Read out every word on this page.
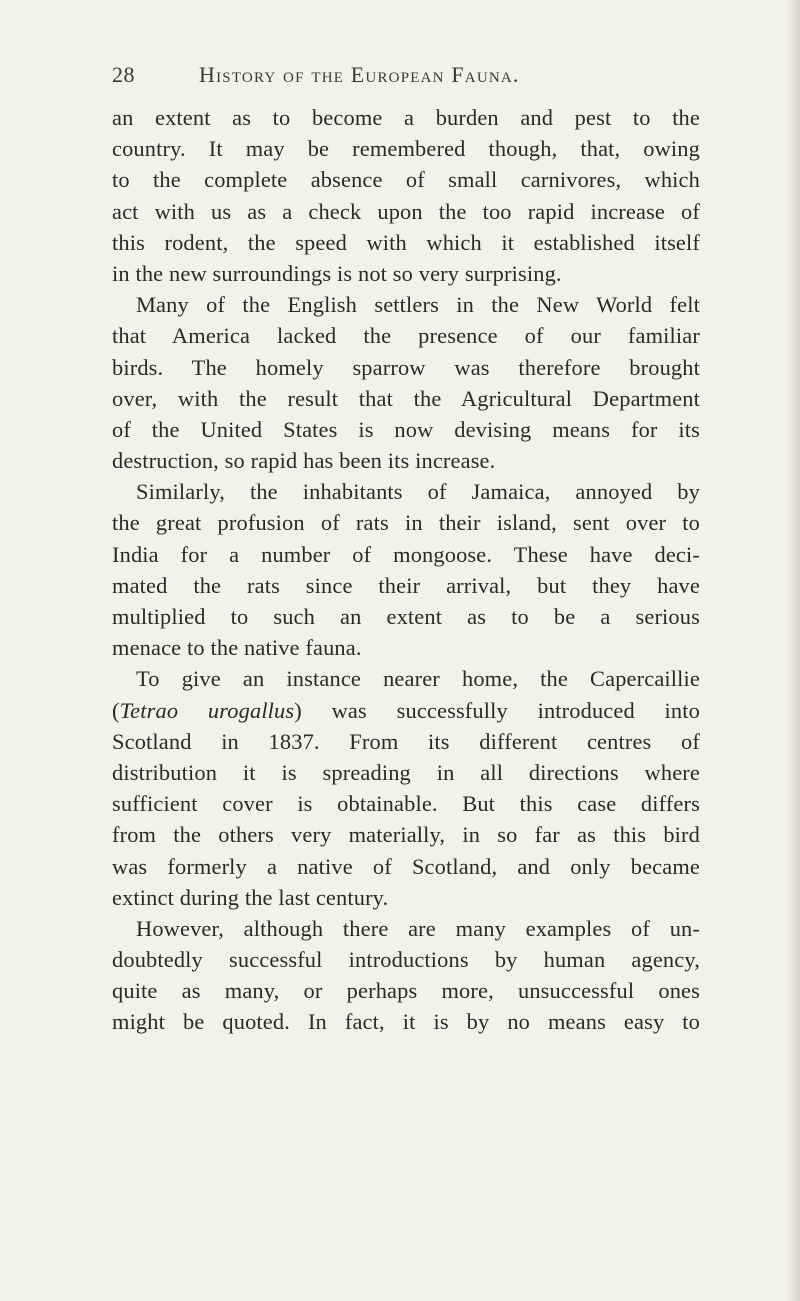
28	History of the European Fauna.
an extent as to become a burden and pest to the
country. It may be remembered though, that, owing
to the complete absence of small carnivores, which
act with us as a check upon the too rapid increase of
this rodent, the speed with which it established itself
in the new surroundings is not so very surprising.
Many of the English settlers in the New World felt
that America lacked the presence of our familiar
birds. The homely sparrow was therefore brought
over, with the result that the Agricultural Department
of the United States is now devising means for its
destruction, so rapid has been its increase.
Similarly, the inhabitants of Jamaica, annoyed by
the great profusion of rats in their island, sent over to
India for a number of mongoose. These have deci-
mated the rats since their arrival, but they have
multiplied to such an extent as to be a serious
menace to the native fauna.
To give an instance nearer home, the Capercaillie
(Tetrao urogallus) was successfully introduced into
Scotland in 1837. From its different centres of
distribution it is spreading in all directions where
sufficient cover is obtainable. But this case differs
from the others very materially, in so far as this bird
was formerly a native of Scotland, and only became
extinct during the last century.
However, although there are many examples of un-
doubtedly successful introductions by human agency,
quite as many, or perhaps more, unsuccessful ones
might be quoted. In fact, it is by no means easy to
